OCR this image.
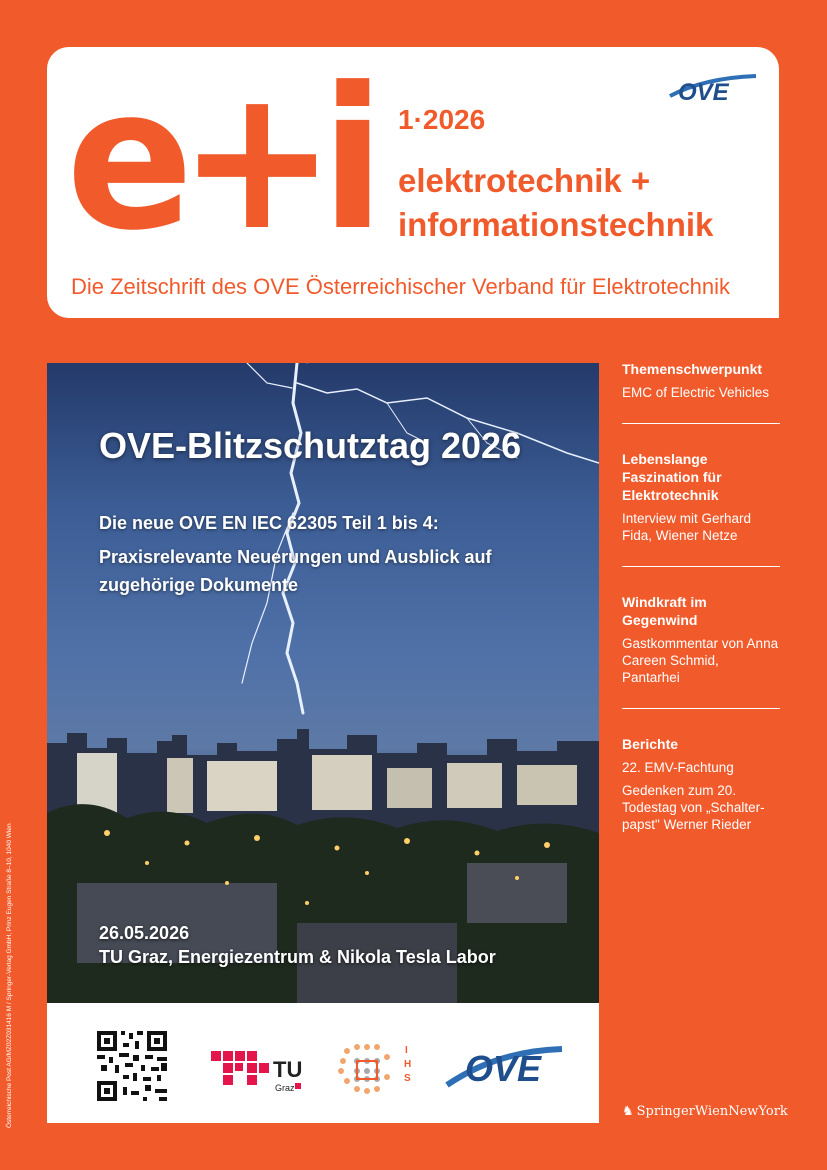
e+i 1·2026
elektrotechnik +
informationstechnik
Die Zeitschrift des OVE Österreichischer Verband für Elektrotechnik
OVE
OVE-Blitzschutztag 2026
Die neue OVE EN IEC 62305 Teil 1 bis 4:
Praxisrelevante Neuerungen und Ausblick auf
zugehörige Dokumente
26.05.2026
TU Graz, Energiezentrum & Nikola Tesla Labor
TU
Graz
I
H
S OVE
Themenschwerpunkt
EMC of Electric Vehicles
Lebenslange Faszination für Elektrotechnik
Interview mit Gerhard Fida, Wiener Netze
Windkraft im Gegenwind
Gastkommentar von Anna Careen Schmid, Pantarhei
Berichte
22. EMV-Fachtung
Gedenken zum 20. Todestag von „Schalter-papst" Werner Rieder
♞ SpringerWienNewYork
Österreichische Post AG/MZ02Z031416 M / Springer-Verlag GmbH, Prinz Eugen Straße 8–10, 1040 Wien
